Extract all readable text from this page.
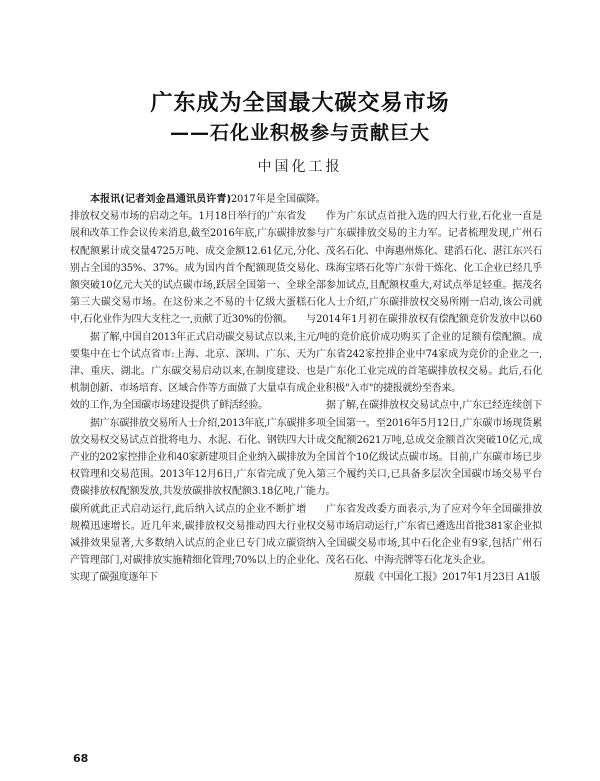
广东成为全国最大碳交易市场
——石化业积极参与贡献巨大
中国化工报

本报讯(记者刘金昌通讯员许青)2017年是全国碳排放权交易市场的启动之年。1月18日举行的广东省发展和改革工作会议传来消息,截至2016年底,广东碳排放权配额累计成交量4725万吨、成交金额12.61亿元,分别占全国的35%、37%。成为国内首个配额现货交易额突破10亿元大关的试点碳市场,跃居全国第一、全球第三大碳交易市场。在这份来之不易的十亿级大蛋糕中,石化业作为四大支柱之一,贡献了近30%的份额。

据了解,中国自2013年正式启动碳交易试点以来,主要集中在七个试点省市:上海、北京、深圳、广东、天津、重庆、湖北。广东碳交易启动以来,在制度建设、机制创新、市场培育、区域合作等方面做了大量卓有成效的工作,为全国碳市场建设提供了鲜活经验。

据广东碳排放交易所人士介绍,2013年底,广东碳排放交易权交易试点首批将电力、水泥、石化、钢铁四大产业的202家控排企业和40家新建项目企业纳入碳排放权管理和交易范围。2013年12月6日,广东省完成了免费碳排放权配额发放,共发放碳排放权配额3.18亿吨,广碳所就此正式启动运行,此后纳入试点的企业不断扩增规模迅速增长。近几年来,碳排放权交易推动四大行业减排效果显著,大多数纳入试点的企业已专门成立碳资产管理部门,对碳排放实施精细化管理;70%以上的企业实现了碳强度逐年下

降。

作为广东试点首批入选的四大行业,石化业一直是参与广东碳排放交易的主力军。记者梳理发现,广州石化、茂名石化、中海惠州炼化、建滔石化、湛江东兴石化、珠海宝塔石化等广东骨干炼化、化工企业已经几乎全部参加试点,且配额权重大,对试点举足轻重。据茂名石化人士介绍,广东碳排放权交易所刚一启动,该公司就与2014年1月初在碳排放权有偿配额竞价发放中以60元/吨的竞价底价成功购买了企业的足额有偿配额。成为广东省242家控排企业中74家成为竞价的企业之一,也是广东化工业完成的首笔碳排放权交易。此后,石化企业积极"入市"的捷报就纷至沓来。

据了解,在碳排放权交易试点中,广东已经连续创下多项全国第一。至2016年5月12日,广东碳市场现货累计成交配额2621万吨,总成交金额首次突破10亿元,成为全国首个10亿级试点碳市场。目前,广东碳市场已步入第三个履约关口,已具备多层次全国碳市场交易平台能力。

广东省发改委方面表示,为了应对今年全国碳排放权交易市场启动运行,广东省已遴选出首批381家企业拟纳入全国碳交易市场,其中石化企业有9家,包括广州石化、茂名石化、中海壳牌等石化龙头企业。

原载《中国化工报》2017年1月23日 A1版

68
